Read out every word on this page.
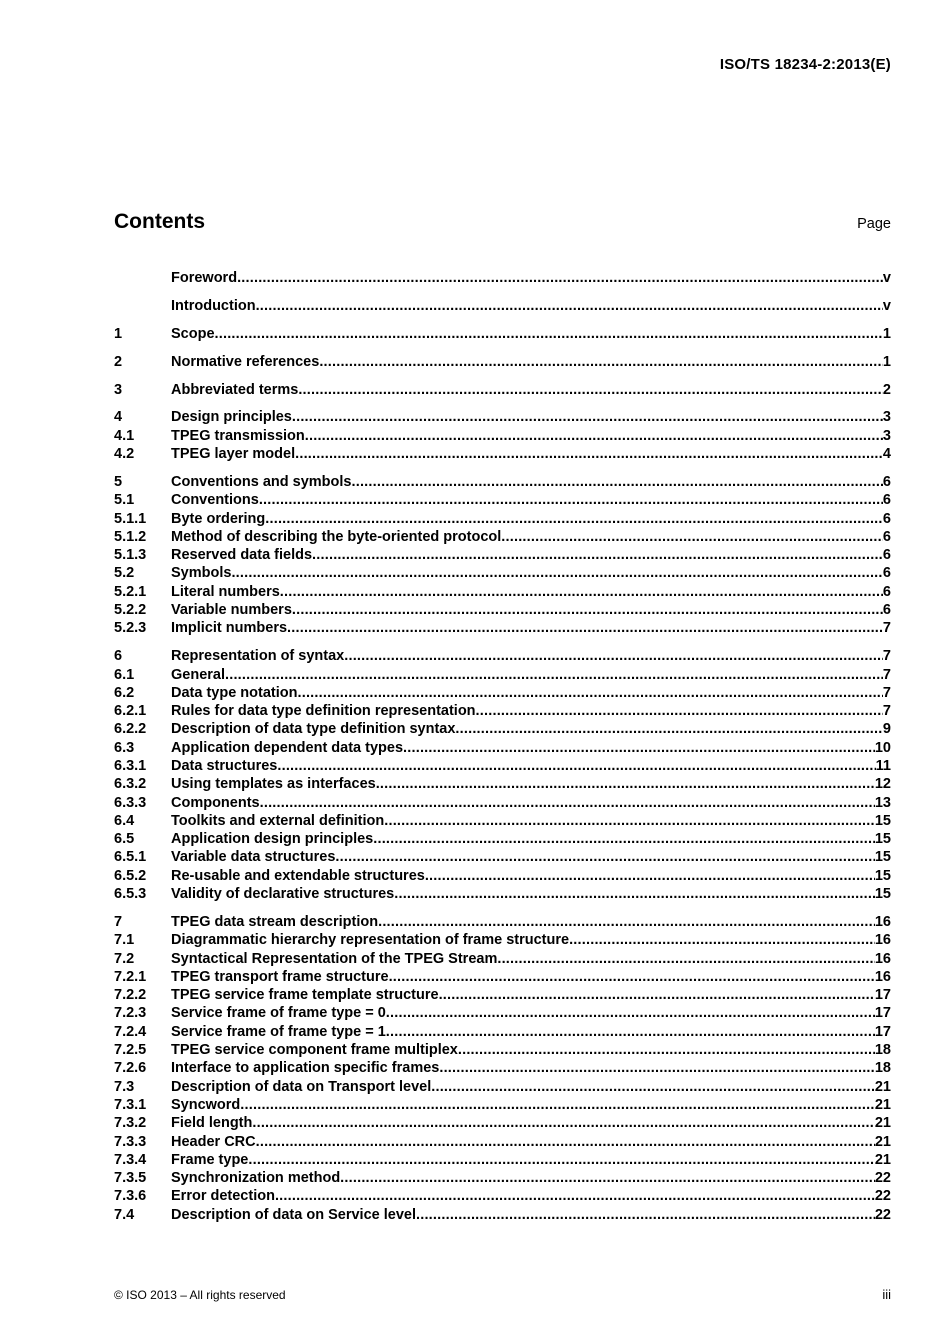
ISO/TS 18234-2:2013(E)
Contents	Page
Foreword .....	v
Introduction .....	v
1	Scope .....	1
2	Normative references .....	1
3	Abbreviated terms .....	2
4	Design principles .....	3
4.1	TPEG transmission .....	3
4.2	TPEG layer model .....	4
5	Conventions and symbols .....	6
5.1	Conventions .....	6
5.1.1	Byte ordering .....	6
5.1.2	Method of describing the byte-oriented protocol .....	6
5.1.3	Reserved data fields .....	6
5.2	Symbols .....	6
5.2.1	Literal numbers .....	6
5.2.2	Variable numbers .....	6
5.2.3	Implicit numbers .....	7
6	Representation of syntax .....	7
6.1	General .....	7
6.2	Data type notation .....	7
6.2.1	Rules for data type definition representation .....	7
6.2.2	Description of data type definition syntax .....	9
6.3	Application dependent data types .....	10
6.3.1	Data structures .....	11
6.3.2	Using templates as interfaces .....	12
6.3.3	Components .....	13
6.4	Toolkits and external definition .....	15
6.5	Application design principles .....	15
6.5.1	Variable data structures .....	15
6.5.2	Re-usable and extendable structures .....	15
6.5.3	Validity of declarative structures .....	15
7	TPEG data stream description .....	16
7.1	Diagrammatic hierarchy representation of frame structure .....	16
7.2	Syntactical Representation of the TPEG Stream .....	16
7.2.1	TPEG transport frame structure .....	16
7.2.2	TPEG service frame template structure .....	17
7.2.3	Service frame of frame type = 0 .....	17
7.2.4	Service frame of frame type = 1 .....	17
7.2.5	TPEG service component frame multiplex .....	18
7.2.6	Interface to application specific frames .....	18
7.3	Description of data on Transport level .....	21
7.3.1	Syncword .....	21
7.3.2	Field length .....	21
7.3.3	Header CRC .....	21
7.3.4	Frame type .....	21
7.3.5	Synchronization method .....	22
7.3.6	Error detection .....	22
7.4	Description of data on Service level .....	22
© ISO 2013 – All rights reserved	iii
